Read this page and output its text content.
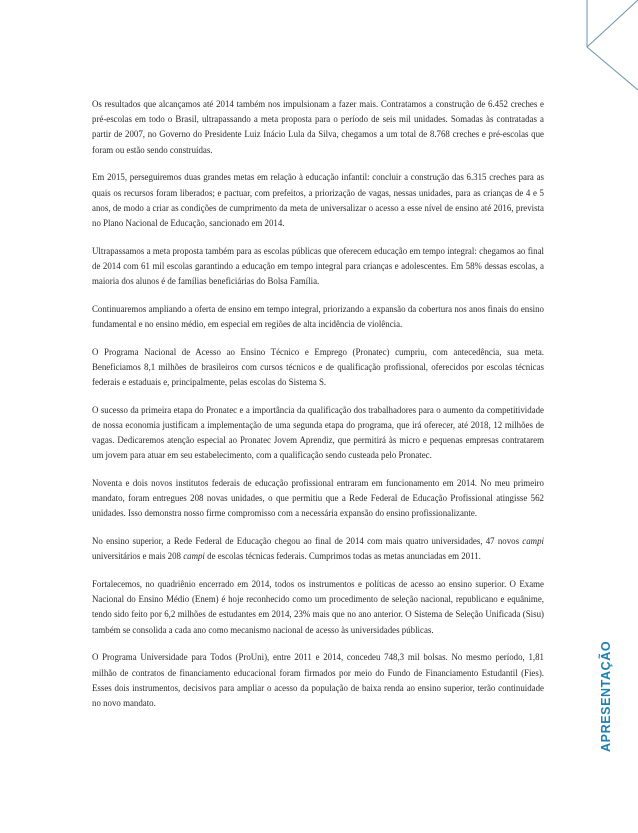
Os resultados que alcançamos até 2014 também nos impulsionam a fazer mais. Contratamos a construção de 6.452 creches e pré-escolas em todo o Brasil, ultrapassando a meta proposta para o período de seis mil unidades. Somadas às contratadas a partir de 2007, no Governo do Presidente Luiz Inácio Lula da Silva, chegamos a um total de 8.768 creches e pré-escolas que foram ou estão sendo construídas.

Em 2015, perseguiremos duas grandes metas em relação à educação infantil: concluir a construção das 6.315 creches para as quais os recursos foram liberados; e pactuar, com prefeitos, a priorização de vagas, nessas unidades, para as crianças de 4 e 5 anos, de modo a criar as condições de cumprimento da meta de universalizar o acesso a esse nível de ensino até 2016, prevista no Plano Nacional de Educação, sancionado em 2014.

Ultrapassamos a meta proposta também para as escolas públicas que oferecem educação em tempo integral: chegamos ao final de 2014 com 61 mil escolas garantindo a educação em tempo integral para crianças e adolescentes. Em 58% dessas escolas, a maioria dos alunos é de famílias beneficiárias do Bolsa Família.

Continuaremos ampliando a oferta de ensino em tempo integral, priorizando a expansão da cobertura nos anos finais do ensino fundamental e no ensino médio, em especial em regiões de alta incidência de violência.

O Programa Nacional de Acesso ao Ensino Técnico e Emprego (Pronatec) cumpriu, com antecedência, sua meta. Beneficiamos 8,1 milhões de brasileiros com cursos técnicos e de qualificação profissional, oferecidos por escolas técnicas federais e estaduais e, principalmente, pelas escolas do Sistema S.

O sucesso da primeira etapa do Pronatec e a importância da qualificação dos trabalhadores para o aumento da competitividade de nossa economia justificam a implementação de uma segunda etapa do programa, que irá oferecer, até 2018, 12 milhões de vagas. Dedicaremos atenção especial ao Pronatec Jovem Aprendiz, que permitirá às micro e pequenas empresas contratarem um jovem para atuar em seu estabelecimento, com a qualificação sendo custeada pelo Pronatec.

Noventa e dois novos institutos federais de educação profissional entraram em funcionamento em 2014. No meu primeiro mandato, foram entregues 208 novas unidades, o que permitiu que a Rede Federal de Educação Profissional atingisse 562 unidades. Isso demonstra nosso firme compromisso com a necessária expansão do ensino profissionalizante.

No ensino superior, a Rede Federal de Educação chegou ao final de 2014 com mais quatro universidades, 47 novos campi universitários e mais 208 campi de escolas técnicas federais. Cumprimos todas as metas anunciadas em 2011.

Fortalecemos, no quadriênio encerrado em 2014, todos os instrumentos e políticas de acesso ao ensino superior. O Exame Nacional do Ensino Médio (Enem) é hoje reconhecido como um procedimento de seleção nacional, republicano e equânime, tendo sido feito por 6,2 milhões de estudantes em 2014, 23% mais que no ano anterior. O Sistema de Seleção Unificada (Sisu) também se consolida a cada ano como mecanismo nacional de acesso às universidades públicas.

O Programa Universidade para Todos (ProUni), entre 2011 e 2014, concedeu 748,3 mil bolsas. No mesmo período, 1,81 milhão de contratos de financiamento educacional foram firmados por meio do Fundo de Financiamento Estudantil (Fies). Esses dois instrumentos, decisivos para ampliar o acesso da população de baixa renda ao ensino superior, terão continuidade no novo mandato.	APRESENTAÇÃO
